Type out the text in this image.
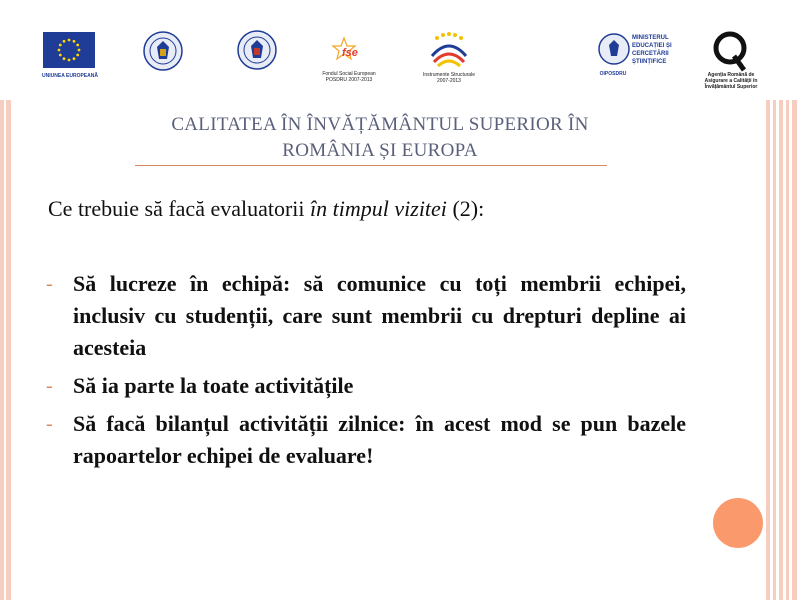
UNIUNEA EUROPEANĂ
fse
Fondul Social European
POSDRU 2007-2013
Instrumente Structurale
2007-2013
MINISTERUL
EDUCAȚIEI ȘI
CERCETĂRII
ȘTIINȚIFICE
OIPOSDRU	Agenția Română de
Asigurare a Calității în
Învățământul Superior
CALITATEA ÎN ÎNVĂȚĂMÂNTUL SUPERIOR ÎN
ROMÂNIA ȘI EUROPA
Ce trebuie să facă evaluatorii în timpul vizitei (2):
- Să lucreze în echipă: să comunice cu toți membrii echipei, inclusiv cu studenții, care sunt membrii cu drepturi depline ai acesteia
- Să ia parte la toate activitățile
- Să facă bilanțul activității zilnice: în acest mod se pun bazele rapoartelor echipei de evaluare!
